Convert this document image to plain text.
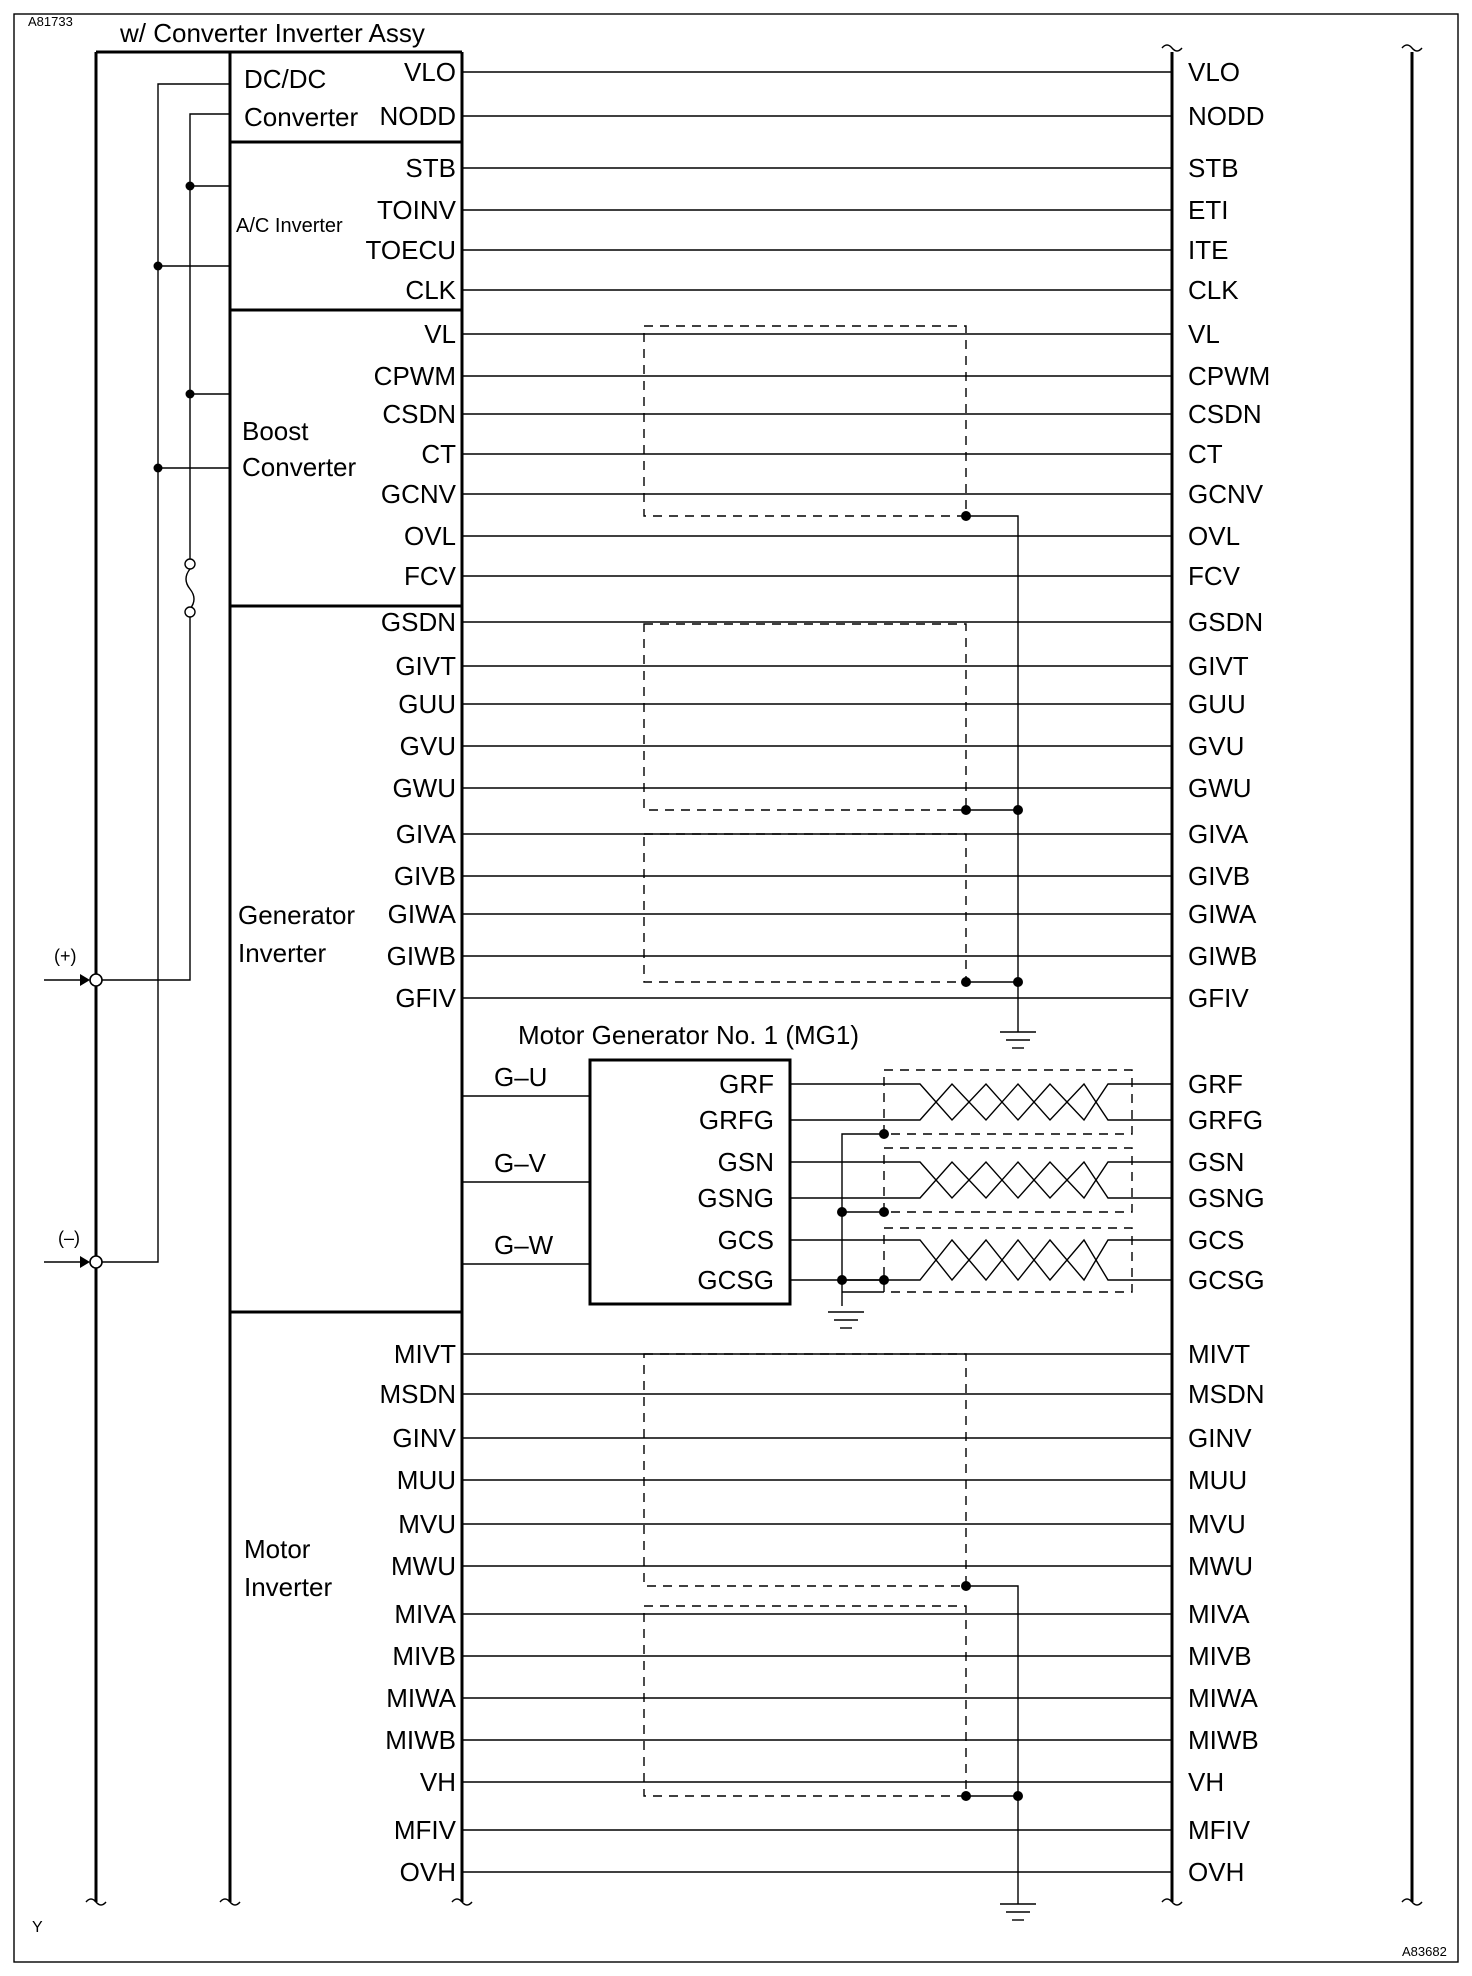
A81733
A83682
Y
w/ Converter Inverter Assy
DC/DC
Converter
A/C Inverter
Boost
Converter
Generator
Inverter
Motor
Inverter
(+)
(–)
VLO	VLO
NODD	NODD
STB	STB
TOINV	ETI
TOECU	ITE
CLK	CLK
VL	VL
CPWM	CPWM
CSDN	CSDN
CT	CT
GCNV	GCNV
OVL	OVL
FCV	FCV
GSDN	GSDN
GIVT	GIVT
GUU	GUU
GVU	GVU
GWU	GWU
GIVA	GIVA
GIVB	GIVB
GIWA	GIWA
GIWB	GIWB
GFIV	GFIV
MIVT	MIVT
MSDN	MSDN
GINV	GINV
MUU	MUU
MVU	MVU
MWU	MWU
MIVA	MIVA
MIVB	MIVB
MIWA	MIWA
MIWB	MIWB
VH	VH
MFIV	MFIV
OVH	OVH
Motor Generator No. 1 (MG1)
G–U
G–V
G–W
GRF	GRF
GRFG	GRFG
GSN	GSN
GSNG	GSNG
GCS	GCS
GCSG	GCSG
